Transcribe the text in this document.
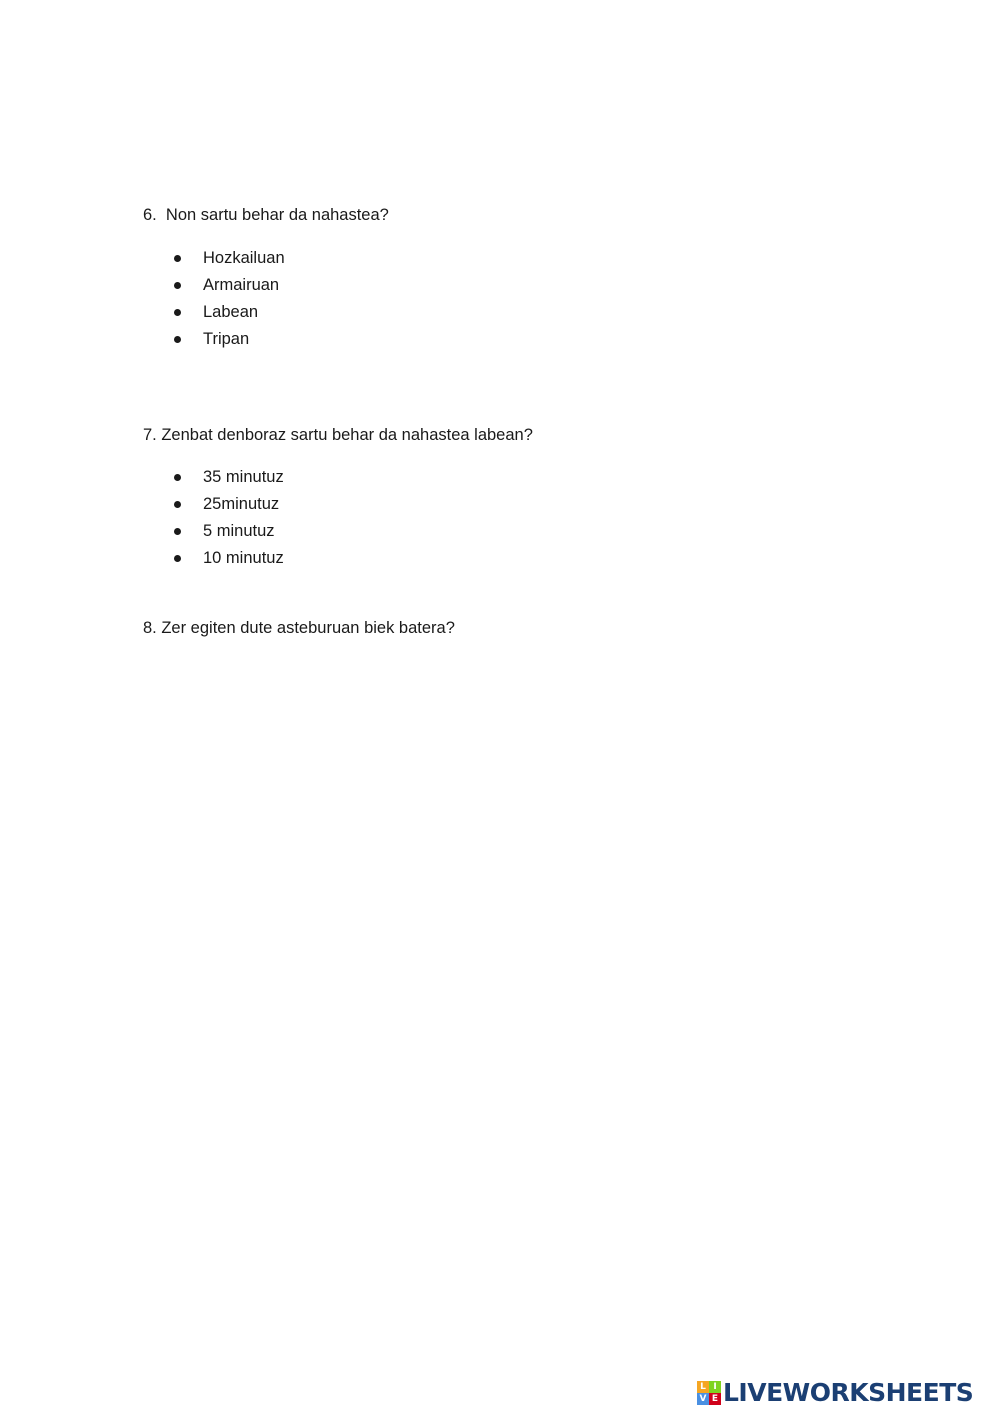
6.  Non sartu behar da nahastea?
Hozkailuan
Armairuan
Labean
Tripan
7. Zenbat denboraz sartu behar da nahastea labean?
35 minutuz
25minutuz
5 minutuz
10 minutuz
8. Zer egiten dute asteburuan biek batera?
L I
V E LIVEWORKSHEETS
